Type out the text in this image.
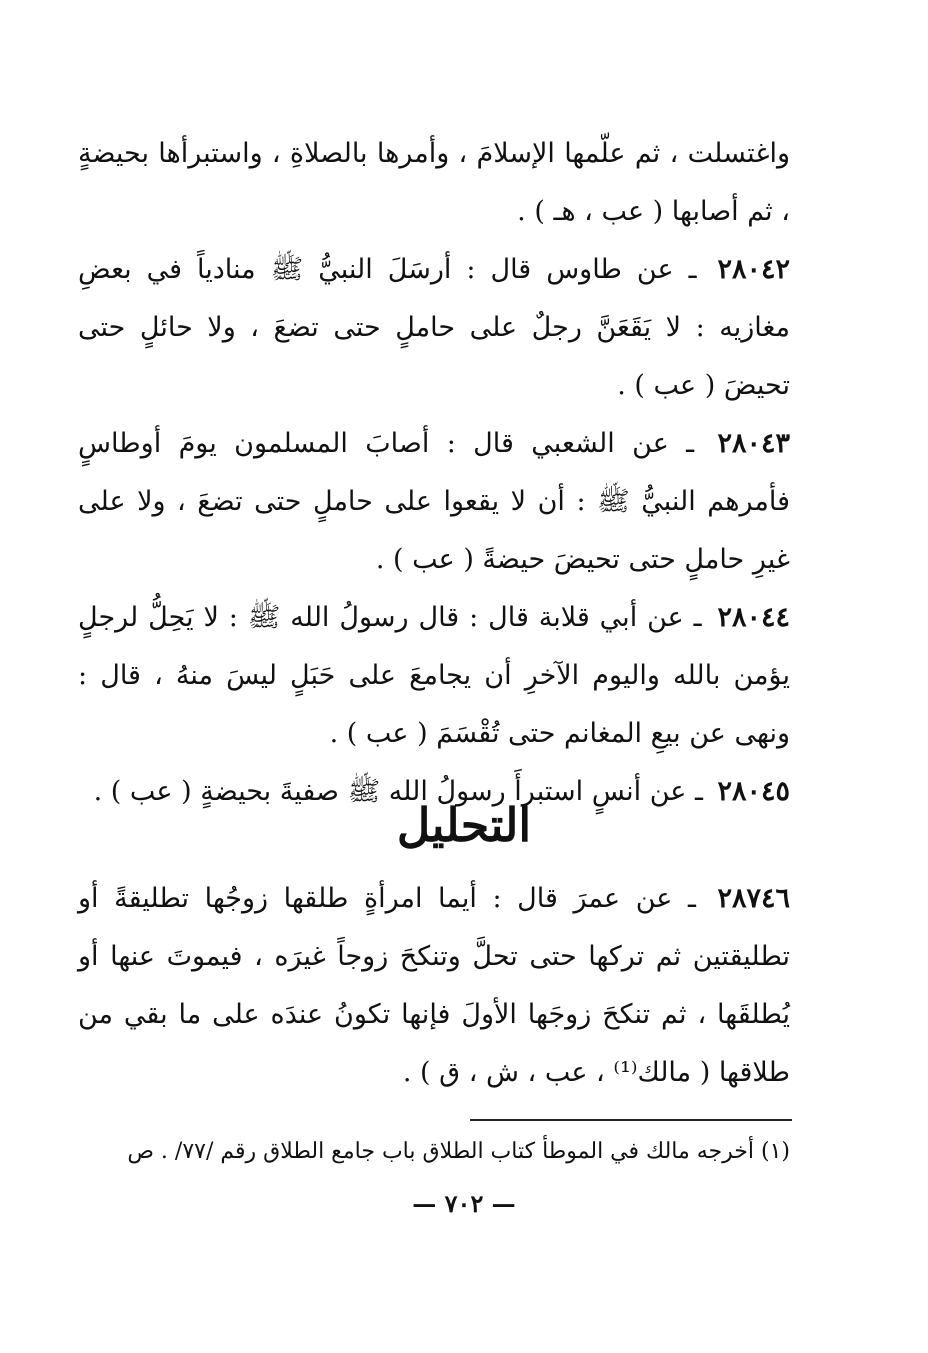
واغتسلت ، ثم علّمها الإسلامَ ، وأمرها بالصلاةِ ، واستبرأها بحيضةٍ ، ثم أصابها ( عب ، هـ ) .

٢٨٠٤٢ ـ عن طاوس قال : أرسَلَ النبيُّ ﷺ منادياً في بعضِ مغازيه : لا يَقَعَنَّ رجلٌ على حاملٍ حتى تضعَ ، ولا حائلٍ حتى تحيضَ ( عب ) .

٢٨٠٤٣ ـ عن الشعبي قال : أصابَ المسلمون يومَ أوطاسٍ فأمرهم النبيُّ ﷺ : أن لا يقعوا على حاملٍ حتى تضعَ ، ولا على غيرِ حاملٍ حتى تحيضَ حيضةً ( عب ) .

٢٨٠٤٤ ـ عن أبي قلابة قال : قال رسولُ الله ﷺ : لا يَحِلُّ لرجلٍ يؤمن بالله واليوم الآخرِ أن يجامعَ على حَبَلٍ ليسَ منهُ ، قال : ونهى عن بيعِ المغانم حتى تُقْسَمَ ( عب ) .

٢٨٠٤٥ ـ عن أنسٍ استبرأَ رسولُ الله ﷺ صفيةَ بحيضةٍ ( عب ) .

التحليل

٢٨٧٤٦ ـ عن عمرَ قال : أيما امرأةٍ طلقها زوجُها تطليقةً أو تطليقتين ثم تركها حتى تحلَّ وتنكحَ زوجاً غيرَه ، فيموتَ عنها أو يُطلقَها ، ثم تنكحَ زوجَها الأولَ فإنها تكونُ عندَه على ما بقي من طلاقها ( مالك⁽¹⁾ ، عب ، ش ، ق ) .

(١) أخرجه مالك في الموطأ كتاب الطلاق باب جامع الطلاق رقم /٧٧/ . ص
— ٧٠٢ —
